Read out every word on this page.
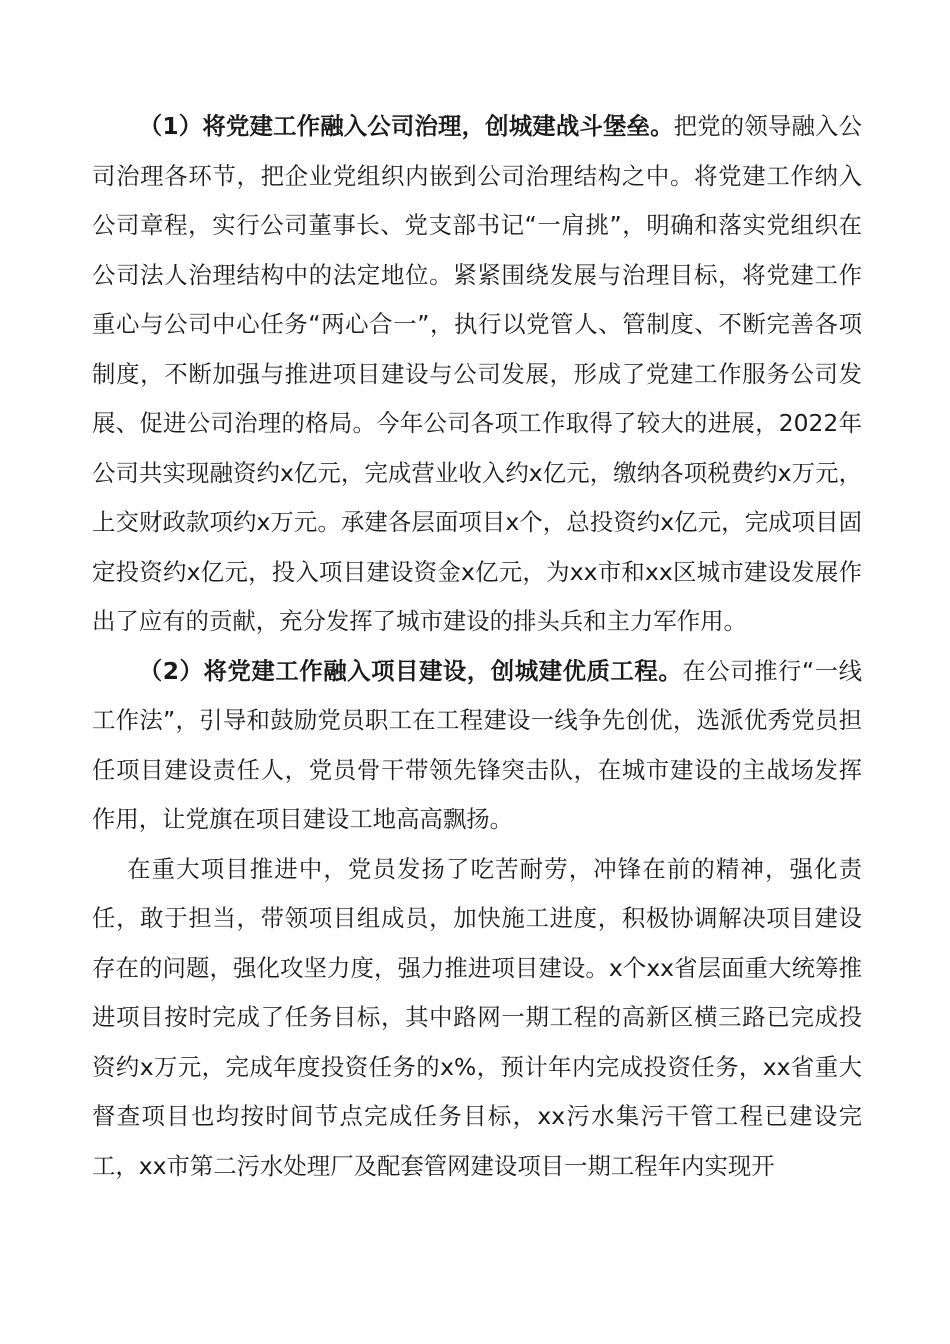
（1）将党建工作融入公司治理，创城建战斗堡垒。把党的领导融入公司治理各环节，把企业党组织内嵌到公司治理结构之中。将党建工作纳入公司章程，实行公司董事长、党支部书记“一肩挑”，明确和落实党组织在公司法人治理结构中的法定地位。紧紧围绕发展与治理目标，将党建工作重心与公司中心任务“两心合一”，执行以党管人、管制度、不断完善各项制度，不断加强与推进项目建设与公司发展，形成了党建工作服务公司发展、促进公司治理的格局。今年公司各项工作取得了较大的进展，2022年公司共实现融资约x亿元，完成营业收入约x亿元，缴纳各项税费约x万元，上交财政款项约x万元。承建各层面项目x个，总投资约x亿元，完成项目固定投资约x亿元，投入项目建设资金x亿元，为xx市和xx区城市建设发展作出了应有的贡献，充分发挥了城市建设的排头兵和主力军作用。

（2）将党建工作融入项目建设，创城建优质工程。在公司推行“一线工作法”，引导和鼓励党员职工在工程建设一线争先创优，选派优秀党员担任项目建设责任人，党员骨干带领先锋突击队，在城市建设的主战场发挥作用，让党旗在项目建设工地高高飘扬。

在重大项目推进中，党员发扬了吃苦耐劳，冲锋在前的精神，强化责任，敢于担当，带领项目组成员，加快施工进度，积极协调解决项目建设存在的问题，强化攻坚力度，强力推进项目建设。x个xx省层面重大统筹推进项目按时完成了任务目标，其中路网一期工程的高新区横三路已完成投资约x万元，完成年度投资任务的x%，预计年内完成投资任务，xx省重大督查项目也均按时间节点完成任务目标，xx污水集污干管工程已建设完工，xx市第二污水处理厂及配套管网建设项目一期工程年内实现开
